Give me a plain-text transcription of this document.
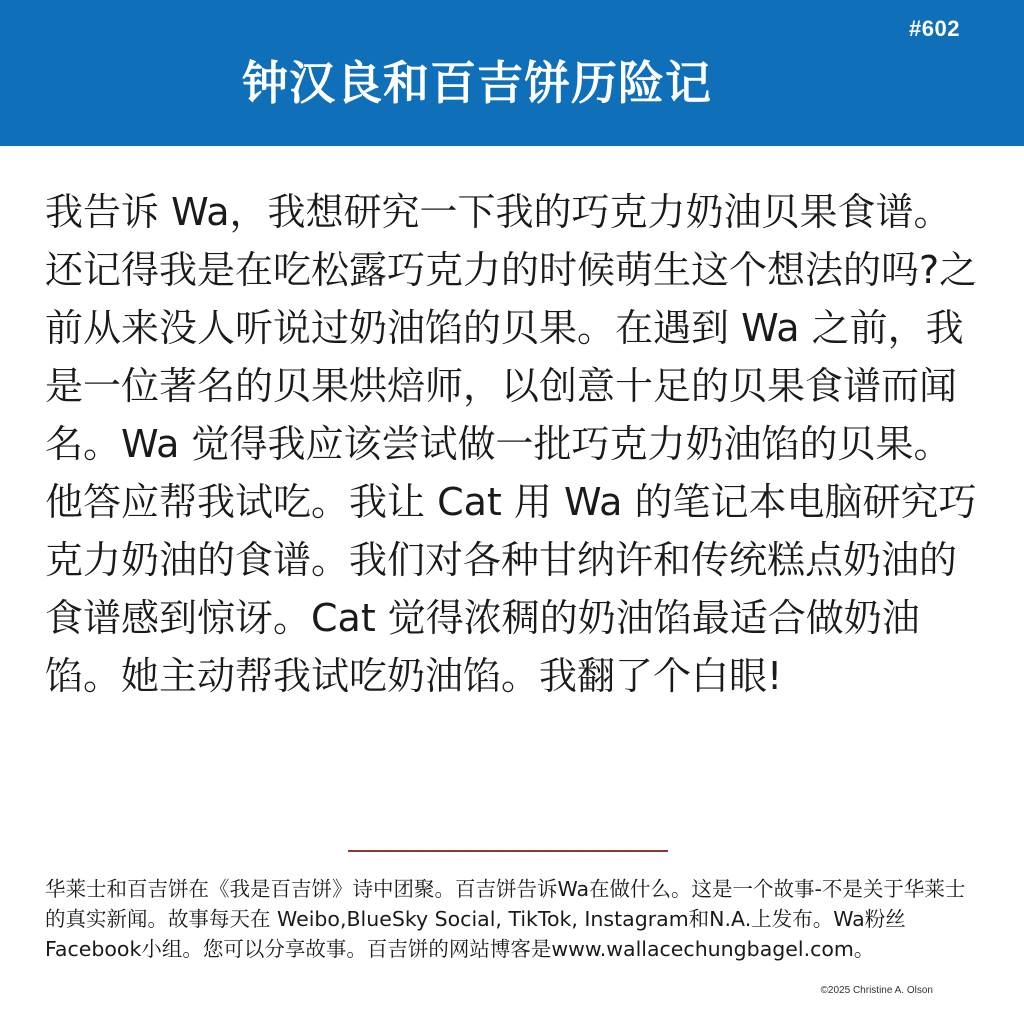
#602
钟汉良和百吉饼历险记

我告诉 Wa，我想研究一下我的巧克力奶油贝果食谱。还记得我是在吃松露巧克力的时候萌生这个想法的吗?之前从来没人听说过奶油馅的贝果。在遇到 Wa 之前，我是一位著名的贝果烘焙师，以创意十足的贝果食谱而闻名。Wa 觉得我应该尝试做一批巧克力奶油馅的贝果。他答应帮我试吃。我让 Cat 用 Wa 的笔记本电脑研究巧克力奶油的食谱。我们对各种甘纳许和传统糕点奶油的食谱感到惊讶。Cat 觉得浓稠的奶油馅最适合做奶油馅。她主动帮我试吃奶油馅。我翻了个白眼!

华莱士和百吉饼在《我是百吉饼》诗中团聚。百吉饼告诉Wa在做什么。这是一个故事-不是关于华莱士的真实新闻。故事每天在 Weibo,BlueSky Social, TikTok, Instagram和N.A.上发布。Wa粉丝Facebook小组。您可以分享故事。百吉饼的网站博客是www.wallacechungbagel.com。

©2025 Christine A. Olson
